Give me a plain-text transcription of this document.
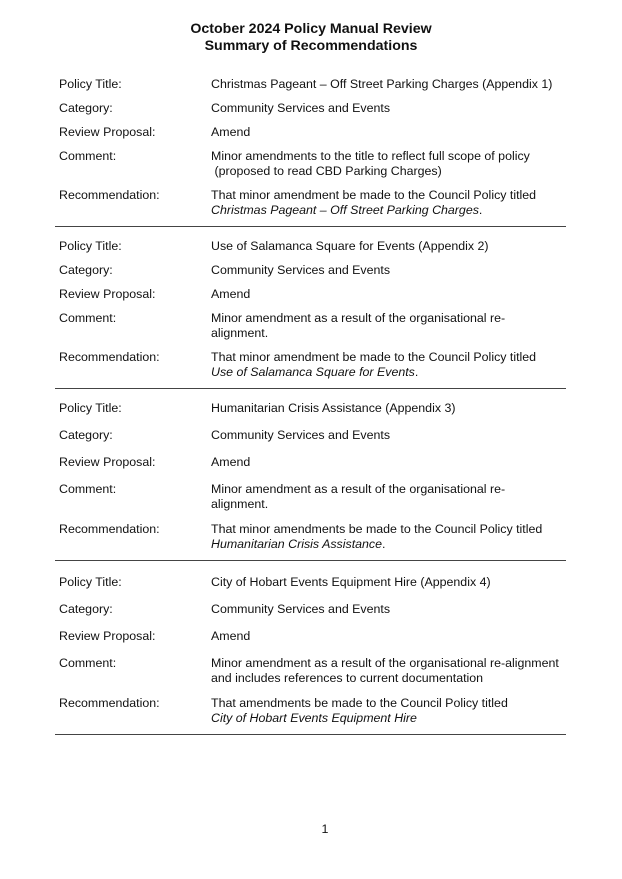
October 2024 Policy Manual Review
Summary of Recommendations
Policy Title:	Christmas Pageant – Off Street Parking Charges (Appendix 1)
Category:	Community Services and Events
Review Proposal:	Amend
Comment:	Minor amendments to the title to reflect full scope of policy
(proposed to read CBD Parking Charges)
Recommendation:	That minor amendment be made to the Council Policy titled
Christmas Pageant – Off Street Parking Charges.
Policy Title:	Use of Salamanca Square for Events (Appendix 2)
Category:	Community Services and Events
Review Proposal:	Amend
Comment:	Minor amendment as a result of the organisational re-
alignment.
Recommendation:	That minor amendment be made to the Council Policy titled
Use of Salamanca Square for Events.
Policy Title:	Humanitarian Crisis Assistance (Appendix 3)
Category:	Community Services and Events
Review Proposal:	Amend
Comment:	Minor amendment as a result of the organisational re-
alignment.
Recommendation:	That minor amendments be made to the Council Policy titled
Humanitarian Crisis Assistance.
Policy Title:	City of Hobart Events Equipment Hire (Appendix 4)
Category:	Community Services and Events
Review Proposal:	Amend
Comment:	Minor amendment as a result of the organisational re-alignment
and includes references to current documentation
Recommendation:	That amendments be made to the Council Policy titled
City of Hobart Events Equipment Hire
1
